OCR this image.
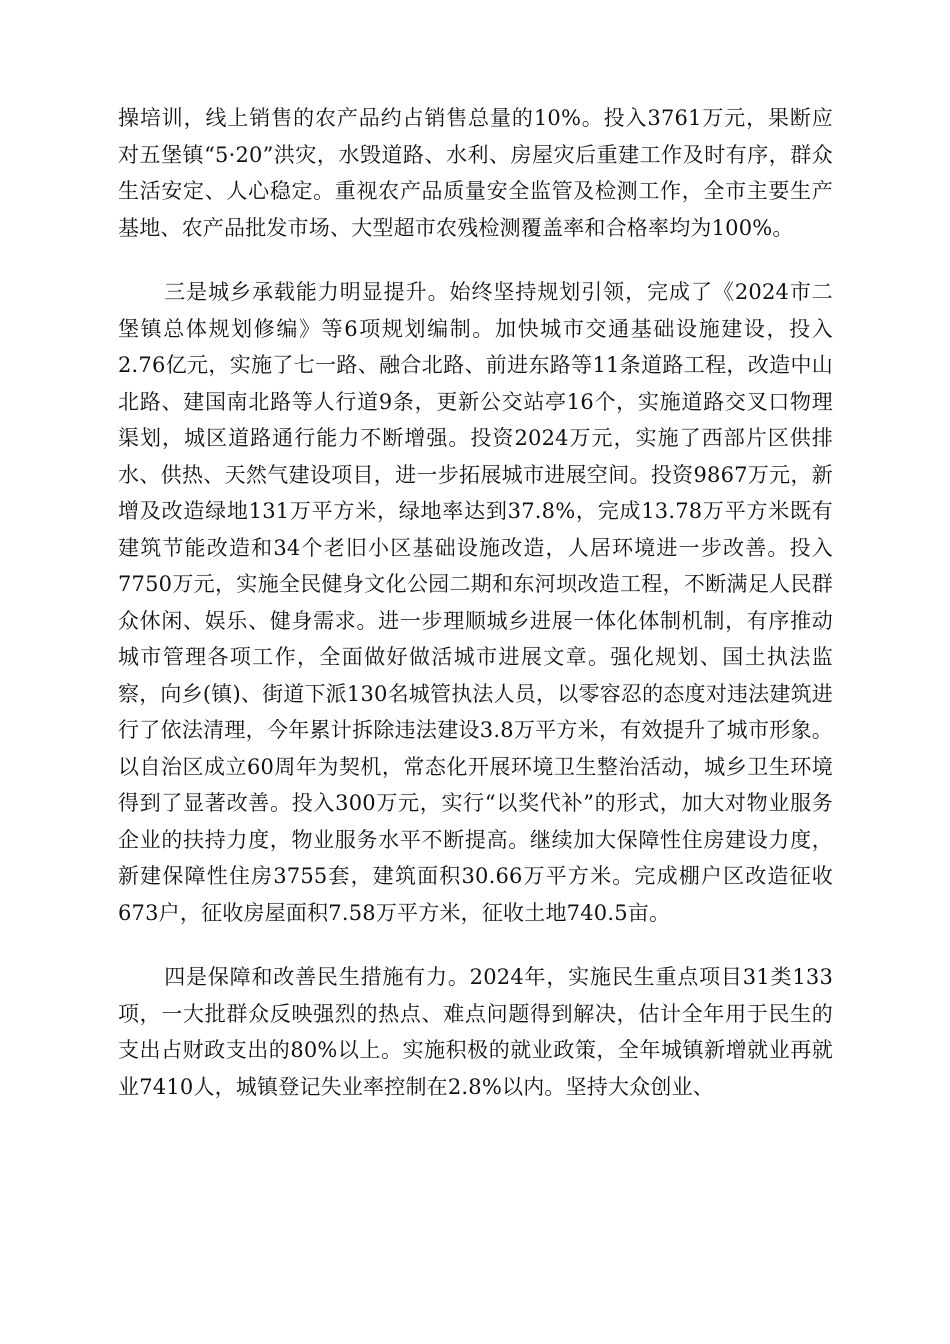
操培训，线上销售的农产品约占销售总量的10%。投入3761万元，果断应对五堡镇“5·20”洪灾，水毁道路、水利、房屋灾后重建工作及时有序，群众生活安定、人心稳定。重视农产品质量安全监管及检测工作，全市主要生产基地、农产品批发市场、大型超市农残检测覆盖率和合格率均为100%。

三是城乡承载能力明显提升。始终坚持规划引领，完成了《2024市二堡镇总体规划修编》等6项规划编制。加快城市交通基础设施建设，投入2.76亿元，实施了七一路、融合北路、前进东路等11条道路工程，改造中山北路、建国南北路等人行道9条，更新公交站亭16个，实施道路交叉口物理渠划，城区道路通行能力不断增强。投资2024万元，实施了西部片区供排水、供热、天然气建设项目，进一步拓展城市进展空间。投资9867万元，新增及改造绿地131万平方米，绿地率达到37.8%，完成13.78万平方米既有建筑节能改造和34个老旧小区基础设施改造，人居环境进一步改善。投入7750万元，实施全民健身文化公园二期和东河坝改造工程，不断满足人民群众休闲、娱乐、健身需求。进一步理顺城乡进展一体化体制机制，有序推动城市管理各项工作，全面做好做活城市进展文章。强化规划、国土执法监察，向乡(镇)、街道下派130名城管执法人员，以零容忍的态度对违法建筑进行了依法清理，今年累计拆除违法建设3.8万平方米，有效提升了城市形象。以自治区成立60周年为契机，常态化开展环境卫生整治活动，城乡卫生环境得到了显著改善。投入300万元，实行“以奖代补”的形式，加大对物业服务企业的扶持力度，物业服务水平不断提高。继续加大保障性住房建设力度，新建保障性住房3755套，建筑面积30.66万平方米。完成棚户区改造征收673户，征收房屋面积7.58万平方米，征收土地740.5亩。

四是保障和改善民生措施有力。2024年，实施民生重点项目31类133项，一大批群众反映强烈的热点、难点问题得到解决，估计全年用于民生的支出占财政支出的80%以上。实施积极的就业政策，全年城镇新增就业再就业7410人，城镇登记失业率控制在2.8%以内。坚持大众创业、
